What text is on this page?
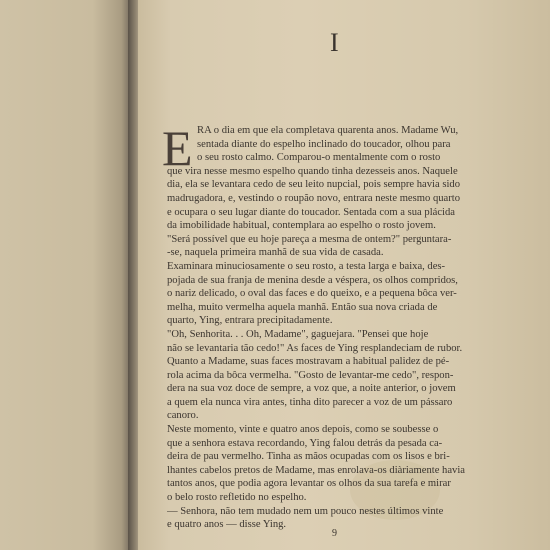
I
E RA o dia em que ela completava quarenta anos. Madame Wu,
sentada diante do espelho inclinado do toucador, olhou para
o seu rosto calmo. Comparou-o mentalmente com o rosto
que vira nesse mesmo espelho quando tinha dezesseis anos. Naquele
dia, ela se levantara cedo de seu leito nupcial, pois sempre havia sido
madrugadora, e, vestindo o roupão novo, entrara neste mesmo quarto
e ocupara o seu lugar diante do toucador. Sentada com a sua plácida
da imobilidade habitual, contemplara ao espelho o rosto jovem.
"Será possível que eu hoje pareça a mesma de ontem?" perguntara-
-se, naquela primeira manhã de sua vida de casada.
Examinara minuciosamente o seu rosto, a testa larga e baixa, des-
pojada de sua franja de menina desde a véspera, os olhos compridos,
o nariz delicado, o oval das faces e do queixo, e a pequena bôca ver-
melha, muito vermelha aquela manhã. Então sua nova criada de
quarto, Ying, entrara precipitadamente.
"Oh, Senhorita. . . Oh, Madame", gaguejara. "Pensei que hoje
não se levantaria tão cedo!" As faces de Ying resplandeciam de rubor.
Quanto a Madame, suas faces mostravam a habitual palidez de pé-
rola acima da bôca vermelha. "Gosto de levantar-me cedo", respon-
dera na sua voz doce de sempre, a voz que, a noite anterior, o jovem
a quem ela nunca vira antes, tinha dito parecer a voz de um pássaro
canoro.
Neste momento, vinte e quatro anos depois, como se soubesse o
que a senhora estava recordando, Ying falou detrás da pesada ca-
deira de pau vermelho. Tinha as mãos ocupadas com os lisos e bri-
lhantes cabelos pretos de Madame, mas enrolava-os diàriamente havia
tantos anos, que podia agora levantar os olhos da sua tarefa e mirar
o belo rosto refletido no espelho.
— Senhora, não tem mudado nem um pouco nestes últimos vinte
e quatro anos — disse Ying.
9
